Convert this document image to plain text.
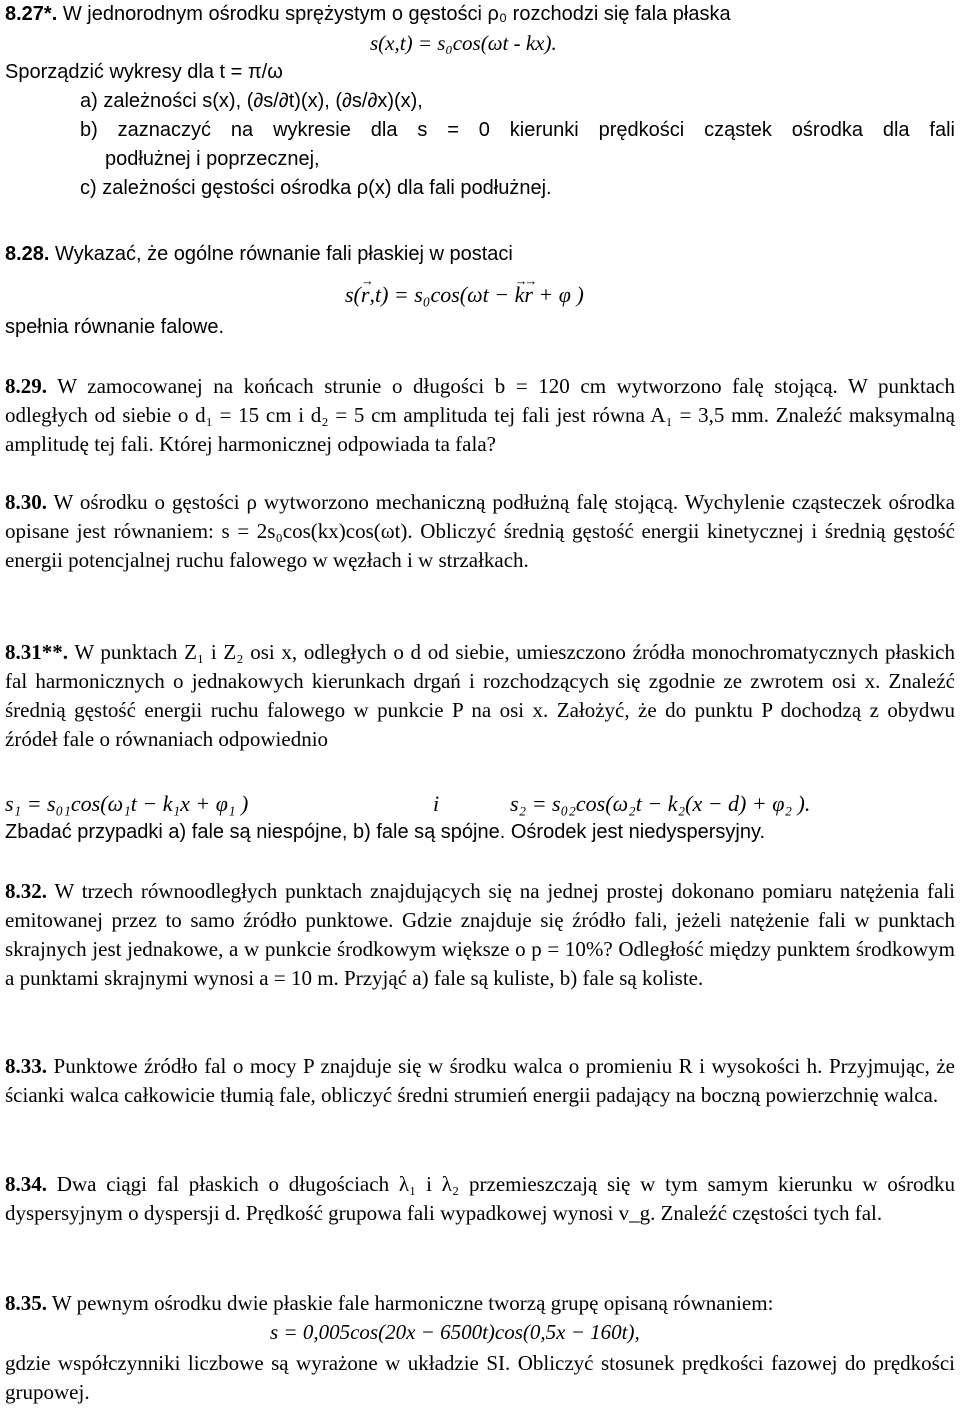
8.27*. W jednorodnym ośrodku sprężystym o gęstości ρ₀ rozchodzi się fala płaska
s(x,t) = s₀cos(ωt - kx).
Sporządzić wykresy dla t = π/ω
a) zależności s(x), (∂s/∂t)(x), (∂s/∂x)(x),
b) zaznaczyć na wykresie dla s = 0 kierunki prędkości cząstek ośrodka dla fali
podłużnej i poprzecznej,
c) zależności gęstości ośrodka ρ(x) dla fali podłużnej.
8.28. Wykazać, że ogólne równanie fali płaskiej w postaci
s(→ r,t) = s₀cos(ωt − → k→ r + φ )
spełnia równanie falowe.
8.29. W zamocowanej na końcach strunie o długości b = 120 cm wytworzono falę stojącą. W punktach odległych od siebie o d₁ = 15 cm i d₂ = 5 cm amplituda tej fali jest równa A₁ = 3,5 mm. Znaleźć maksymalną amplitudę tej fali. Której harmonicznej odpowiada ta fala?
8.30. W ośrodku o gęstości ρ wytworzono mechaniczną podłużną falę stojącą. Wychylenie cząsteczek ośrodka opisane jest równaniem: s = 2s₀cos(kx)cos(ωt). Obliczyć średnią gęstość energii kinetycznej i średnią gęstość energii potencjalnej ruchu falowego w węzłach i w strzałkach.
8.31**. W punktach Z₁ i Z₂ osi x, odległych o d od siebie, umieszczono źródła monochromatycznych płaskich fal harmonicznych o jednakowych kierunkach drgań i rozchodzących się zgodnie ze zwrotem osi x. Znaleźć średnią gęstość energii ruchu falowego w punkcie P na osi x. Założyć, że do punktu P dochodzą z obydwu źródeł fale o równaniach odpowiednio
s₁ = s₀₁cos(ω₁t − k₁x + φ₁ )	i	s₂ = s₀₂cos(ω₂t − k₂(x − d) + φ₂ ).
Zbadać przypadki a) fale są niespójne, b) fale są spójne. Ośrodek jest niedyspersyjny.
8.32. W trzech równoodległych punktach znajdujących się na jednej prostej dokonano pomiaru natężenia fali emitowanej przez to samo źródło punktowe. Gdzie znajduje się źródło fali, jeżeli natężenie fali w punktach skrajnych jest jednakowe, a w punkcie środkowym większe o p = 10%? Odległość między punktem środkowym a punktami skrajnymi wynosi a = 10 m. Przyjąć a) fale są kuliste, b) fale są koliste.
8.33. Punktowe źródło fal o mocy P znajduje się w środku walca o promieniu R i wysokości h. Przyjmując, że ścianki walca całkowicie tłumią fale, obliczyć średni strumień energii padający na boczną powierzchnię walca.
8.34. Dwa ciągi fal płaskich o długościach λ₁ i λ₂ przemieszczają się w tym samym kierunku w ośrodku dyspersyjnym o dyspersji d. Prędkość grupowa fali wypadkowej wynosi v_g. Znaleźć częstości tych fal.
8.35. W pewnym ośrodku dwie płaskie fale harmoniczne tworzą grupę opisaną równaniem:
s = 0,005cos(20x − 6500t)cos(0,5x − 160t),
gdzie współczynniki liczbowe są wyrażone w układzie SI. Obliczyć stosunek prędkości fazowej do prędkości grupowej.
